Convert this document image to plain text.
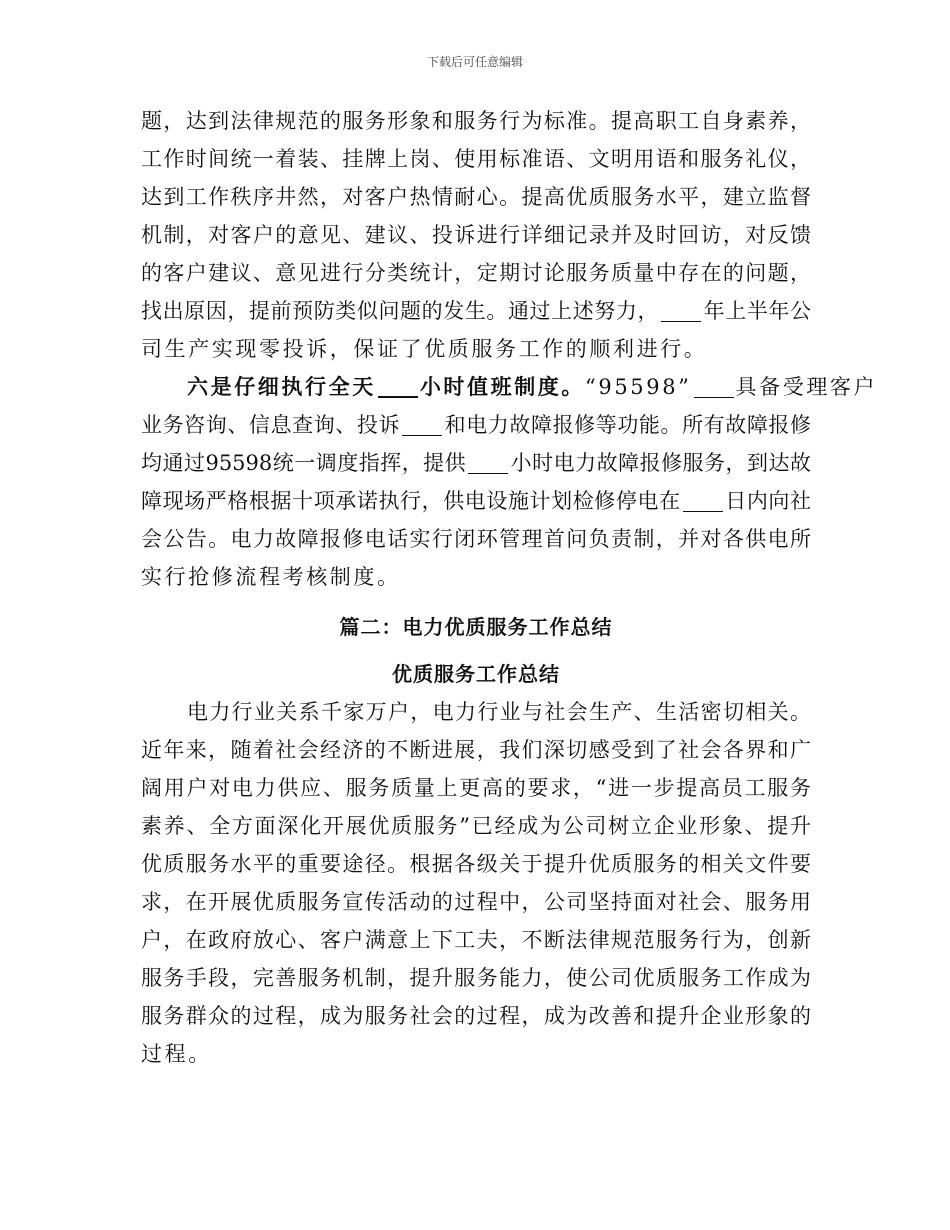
下载后可任意编辑
题，达到法律规范的服务形象和服务行为标准。提高职工自身素养，
工作时间统一着装、挂牌上岗、使用标准语、文明用语和服务礼仪，
达到工作秩序井然，对客户热情耐心。提高优质服务水平，建立监督
机制，对客户的意见、建议、投诉进行详细记录并及时回访，对反馈
的客户建议、意见进行分类统计，定期讨论服务质量中存在的问题，
找出原因，提前预防类似问题的发生。通过上述努力， 年上半年公
司生产实现零投诉，保证了优质服务工作的顺利进行。
六是仔细执行全天 小时值班制度。“95598” 具备受理客户
业务咨询、信息查询、投诉 和电力故障报修等功能。所有故障报修
均通过95598统一调度指挥，提供 小时电力故障报修服务，到达故
障现场严格根据十项承诺执行，供电设施计划检修停电在 日内向社
会公告。电力故障报修电话实行闭环管理首问负责制，并对各供电所
实行抢修流程考核制度。
篇二：电力优质服务工作总结
优质服务工作总结
电力行业关系千家万户，电力行业与社会生产、生活密切相关。
近年来，随着社会经济的不断进展，我们深切感受到了社会各界和广
阔用户对电力供应、服务质量上更高的要求，“进一步提高员工服务
素养、全方面深化开展优质服务”已经成为公司树立企业形象、提升
优质服务水平的重要途径。根据各级关于提升优质服务的相关文件要
求，在开展优质服务宣传活动的过程中，公司坚持面对社会、服务用
户，在政府放心、客户满意上下工夫，不断法律规范服务行为，创新
服务手段，完善服务机制，提升服务能力，使公司优质服务工作成为
服务群众的过程，成为服务社会的过程，成为改善和提升企业形象的
过程。
